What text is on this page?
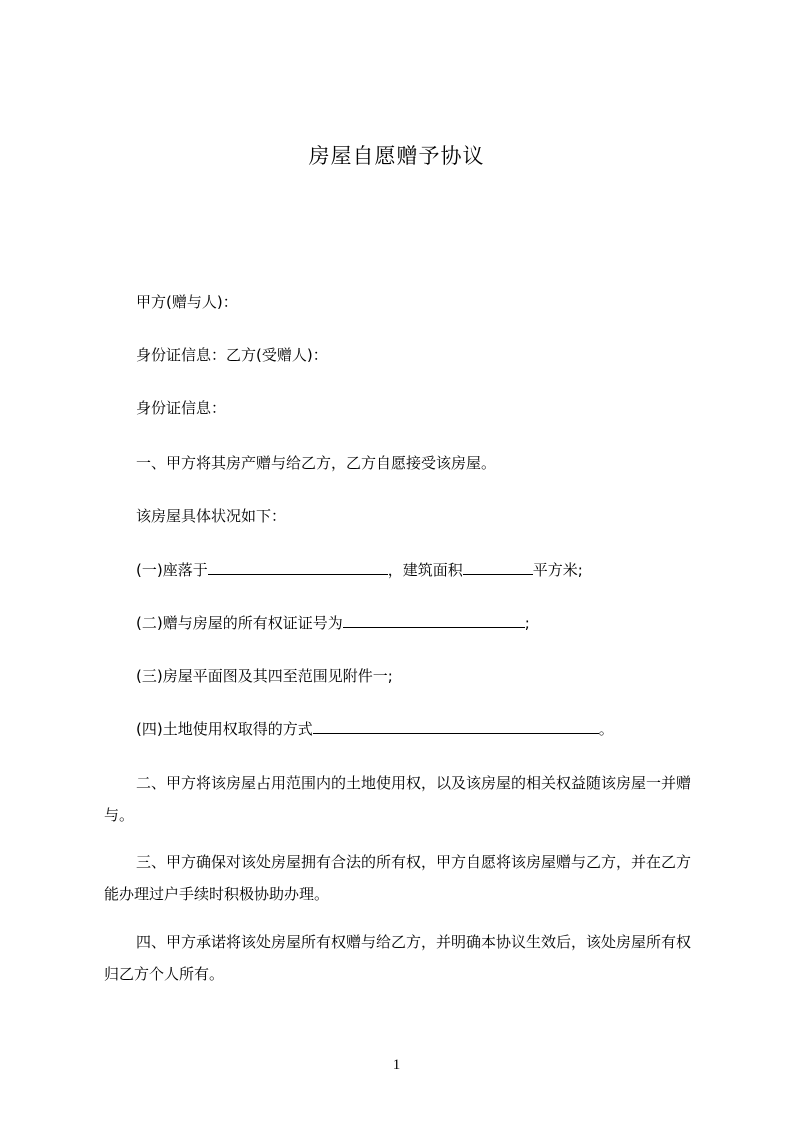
房屋自愿赠予协议
甲方(赠与人)：
身份证信息：乙方(受赠人)：
身份证信息：
一、甲方将其房产赠与给乙方，乙方自愿接受该房屋。
该房屋具体状况如下：
(一)座落于	，建筑面积	平方米;
(二)赠与房屋的所有权证证号为	;
(三)房屋平面图及其四至范围见附件一;
(四)土地使用权取得的方式	。
二、甲方将该房屋占用范围内的土地使用权，以及该房屋的相关权益随该房屋一并赠与。
三、甲方确保对该处房屋拥有合法的所有权，甲方自愿将该房屋赠与乙方，并在乙方能办理过户手续时积极协助办理。
四、甲方承诺将该处房屋所有权赠与给乙方，并明确本协议生效后，该处房屋所有权归乙方个人所有。
1
